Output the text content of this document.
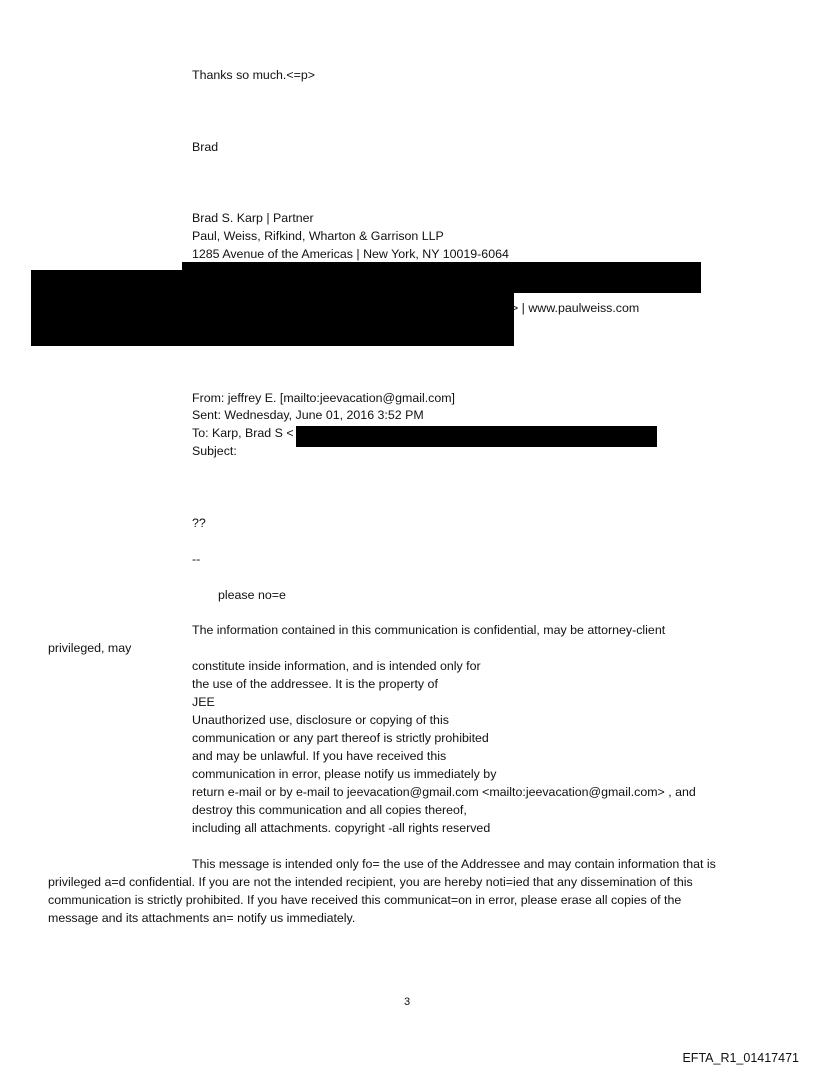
Thanks so much.<=p>
Brad
Brad S. Karp | Partner
Paul, Weiss, Rifkind, Wharton & Garrison LLP
1285 Avenue of the Americas | New York, NY 10019-6064
> | www.paulweiss.com
From: jeffrey E. [mailto:jeevacation@gmail.com]
Sent: Wednesday, June 01, 2016 3:52 PM
To: Karp, Brad S <
Subject:
??
--
please no=e
The information contained in this communication is confidential, may be attorney-client
privileged, may
constitute inside information, and is intended only for
the use of the addressee. It is the property of
JEE
Unauthorized use, disclosure or copying of this
communication or any part thereof is strictly prohibited
and may be unlawful. If you have received this
communication in error, please notify us immediately by
return e-mail or by e-mail to jeevacation@gmail.com <mailto:jeevacation@gmail.com> , and
destroy this communication and all copies thereof,
including all attachments. copyright -all rights reserved
This message is intended only fo= the use of the Addressee and may contain information that is
privileged a=d confidential. If you are not the intended recipient, you are hereby noti=ied that any dissemination of this
communication is strictly prohibited. If you have received this communicat=on in error, please erase all copies of the
message and its attachments an= notify us immediately.
3
EFTA_R1_01417471
